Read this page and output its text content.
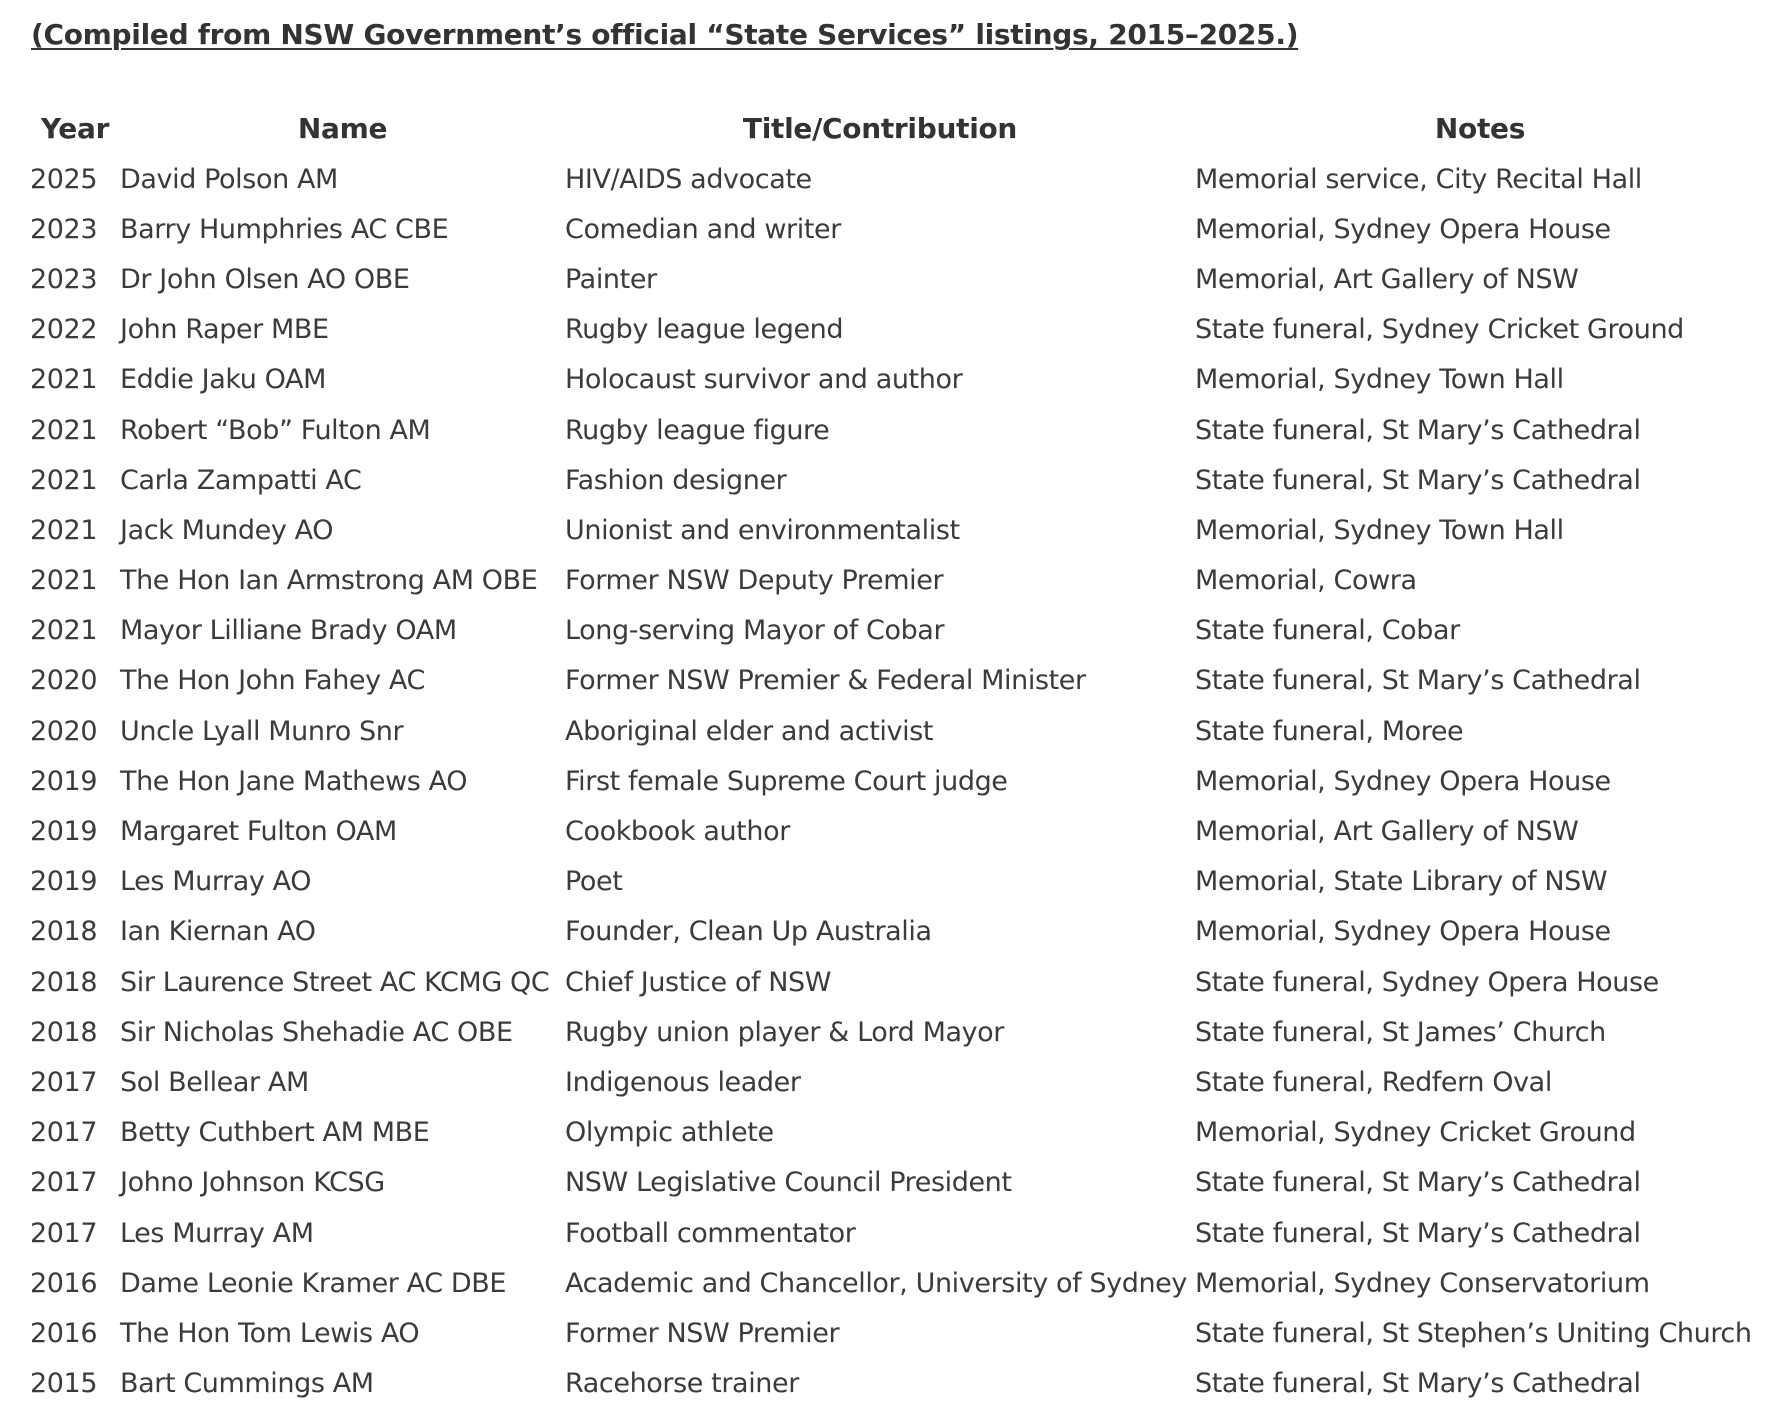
(Compiled from NSW Government’s official “State Services” listings, 2015–2025.)
Year	Name	Title/Contribution	Notes
2025	David Polson AM	HIV/AIDS advocate	Memorial service, City Recital Hall
2023	Barry Humphries AC CBE	Comedian and writer	Memorial, Sydney Opera House
2023	Dr John Olsen AO OBE	Painter	Memorial, Art Gallery of NSW
2022	John Raper MBE	Rugby league legend	State funeral, Sydney Cricket Ground
2021	Eddie Jaku OAM	Holocaust survivor and author	Memorial, Sydney Town Hall
2021	Robert “Bob” Fulton AM	Rugby league figure	State funeral, St Mary’s Cathedral
2021	Carla Zampatti AC	Fashion designer	State funeral, St Mary’s Cathedral
2021	Jack Mundey AO	Unionist and environmentalist	Memorial, Sydney Town Hall
2021	The Hon Ian Armstrong AM OBE	Former NSW Deputy Premier	Memorial, Cowra
2021	Mayor Lilliane Brady OAM	Long-serving Mayor of Cobar	State funeral, Cobar
2020	The Hon John Fahey AC	Former NSW Premier & Federal Minister	State funeral, St Mary’s Cathedral
2020	Uncle Lyall Munro Snr	Aboriginal elder and activist	State funeral, Moree
2019	The Hon Jane Mathews AO	First female Supreme Court judge	Memorial, Sydney Opera House
2019	Margaret Fulton OAM	Cookbook author	Memorial, Art Gallery of NSW
2019	Les Murray AO	Poet	Memorial, State Library of NSW
2018	Ian Kiernan AO	Founder, Clean Up Australia	Memorial, Sydney Opera House
2018	Sir Laurence Street AC KCMG QC	Chief Justice of NSW	State funeral, Sydney Opera House
2018	Sir Nicholas Shehadie AC OBE	Rugby union player & Lord Mayor	State funeral, St James’ Church
2017	Sol Bellear AM	Indigenous leader	State funeral, Redfern Oval
2017	Betty Cuthbert AM MBE	Olympic athlete	Memorial, Sydney Cricket Ground
2017	Johno Johnson KCSG	NSW Legislative Council President	State funeral, St Mary’s Cathedral
2017	Les Murray AM	Football commentator	State funeral, St Mary’s Cathedral
2016	Dame Leonie Kramer AC DBE	Academic and Chancellor, University of Sydney	Memorial, Sydney Conservatorium
2016	The Hon Tom Lewis AO	Former NSW Premier	State funeral, St Stephen’s Uniting Church
2015	Bart Cummings AM	Racehorse trainer	State funeral, St Mary’s Cathedral
